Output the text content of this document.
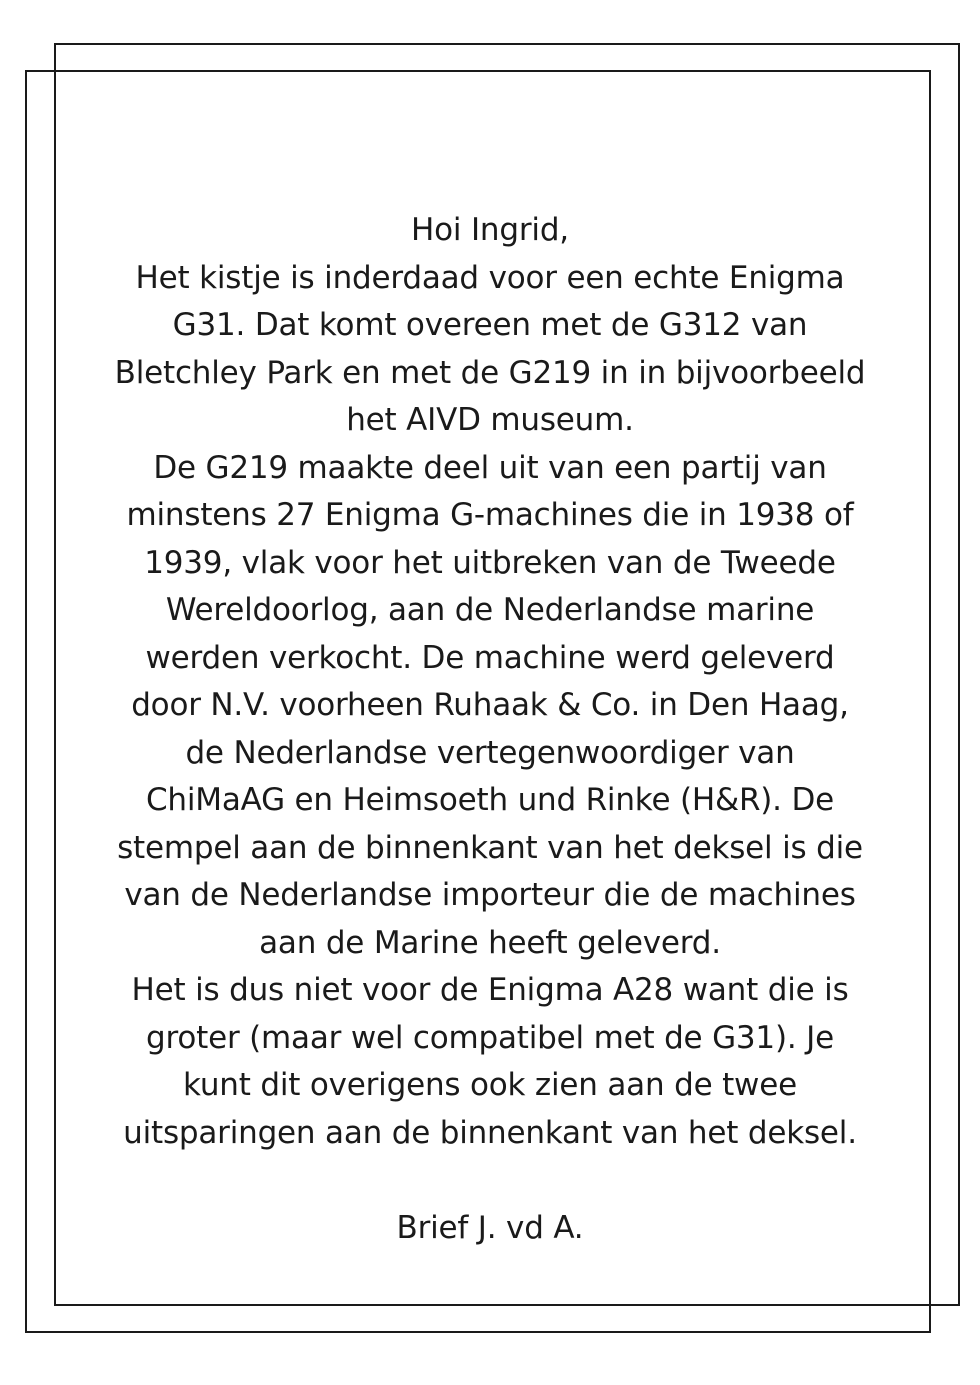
Hoi Ingrid,

Het kistje is inderdaad voor een echte Enigma
G31. Dat komt overeen met de G312 van
Bletchley Park en met de G219 in in bijvoorbeeld
het AIVD museum.

De G219 maakte deel uit van een partij van
minstens 27 Enigma G-machines die in 1938 of
1939, vlak voor het uitbreken van de Tweede
Wereldoorlog, aan de Nederlandse marine
werden verkocht. De machine werd geleverd
door N.V. voorheen Ruhaak & Co. in Den Haag,
de Nederlandse vertegenwoordiger van
ChiMaAG en Heimsoeth und Rinke (H&R). De
stempel aan de binnenkant van het deksel is die
van de Nederlandse importeur die de machines
aan de Marine heeft geleverd.

Het is dus niet voor de Enigma A28 want die is
groter (maar wel compatibel met de G31). Je
kunt dit overigens ook zien aan de twee
uitsparingen aan de binnenkant van het deksel.

Brief J. vd A.
